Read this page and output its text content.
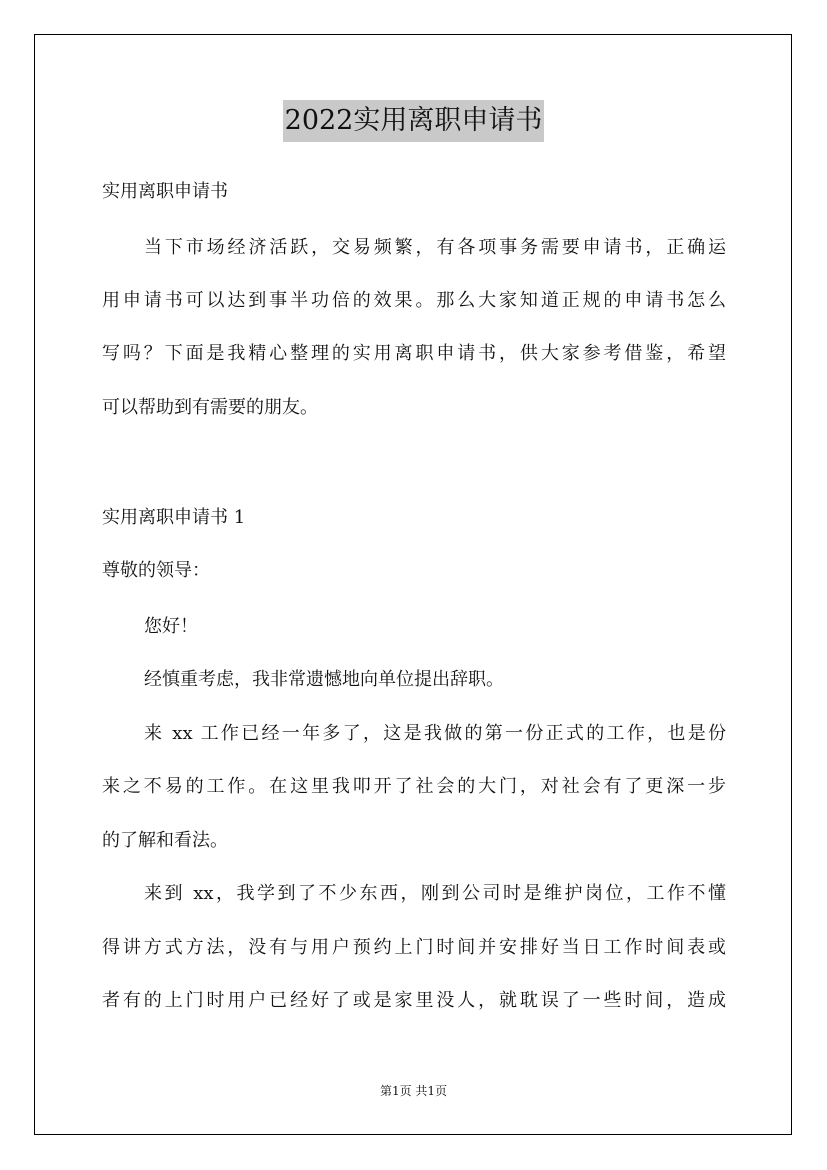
2022实用离职申请书
实用离职申请书
当下市场经济活跃，交易频繁，有各项事务需要申请书，正确运
用申请书可以达到事半功倍的效果。那么大家知道正规的申请书怎么
写吗？下面是我精心整理的实用离职申请书，供大家参考借鉴，希望
可以帮助到有需要的朋友。
实用离职申请书 1
尊敬的领导：
您好！
经慎重考虑，我非常遗憾地向单位提出辞职。
来 xx 工作已经一年多了，这是我做的第一份正式的工作，也是份
来之不易的工作。在这里我叩开了社会的大门，对社会有了更深一步
的了解和看法。
来到 xx，我学到了不少东西，刚到公司时是维护岗位，工作不懂
得讲方式方法，没有与用户预约上门时间并安排好当日工作时间表或
者有的上门时用户已经好了或是家里没人，就耽误了一些时间，造成
第1页 共1页
